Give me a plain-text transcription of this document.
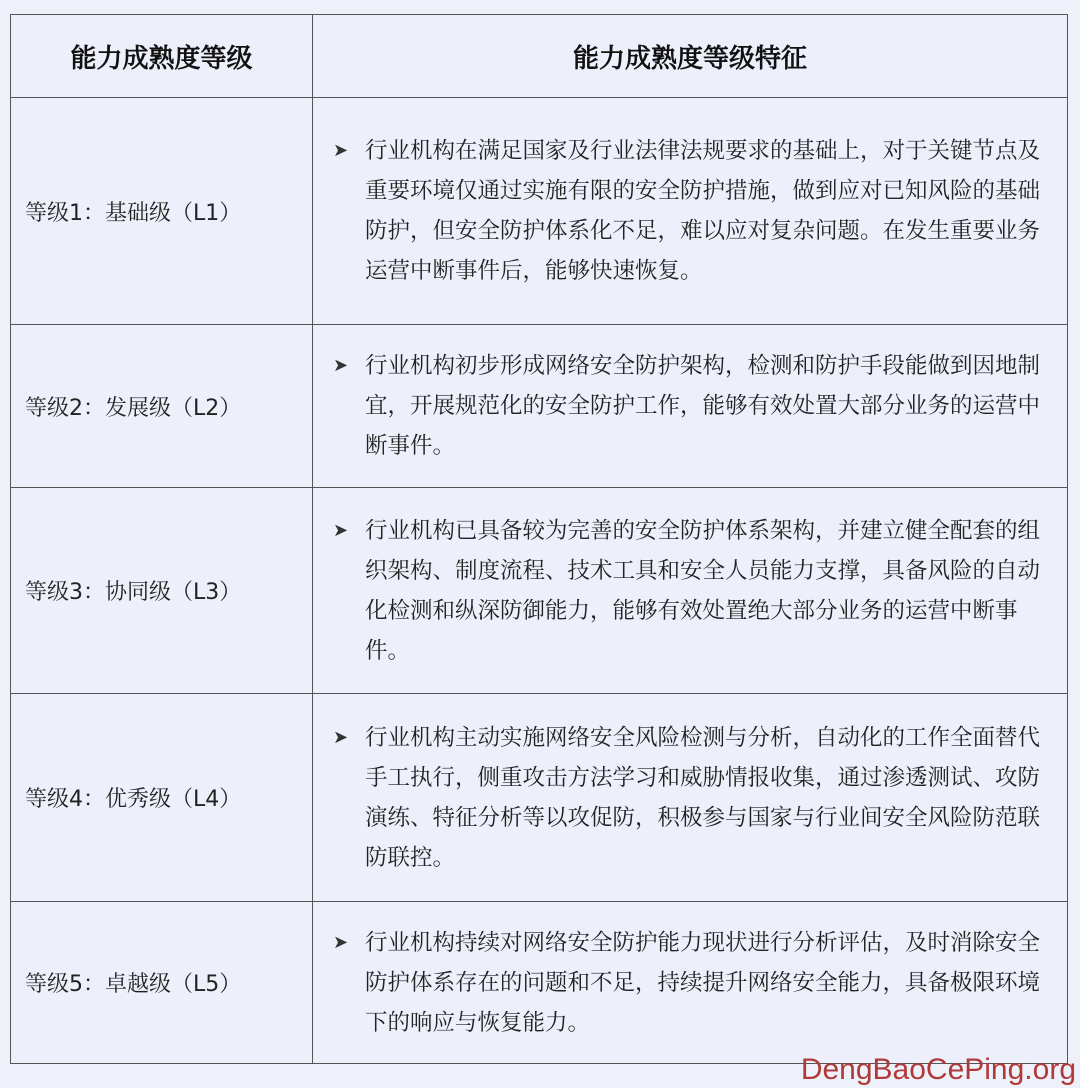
能力成熟度等级	能力成熟度等级特征
等级1：基础级（L1）	➤ 行业机构在满足国家及行业法律法规要求的基础上，对于关键节点及重要环境仅通过实施有限的安全防护措施，做到应对已知风险的基础防护，但安全防护体系化不足，难以应对复杂问题。在发生重要业务运营中断事件后，能够快速恢复。

等级2：发展级（L2）	➤ 行业机构初步形成网络安全防护架构，检测和防护手段能做到因地制宜，开展规范化的安全防护工作，能够有效处置大部分业务的运营中断事件。

等级3：协同级（L3）	➤ 行业机构已具备较为完善的安全防护体系架构，并建立健全配套的组织架构、制度流程、技术工具和安全人员能力支撑，具备风险的自动化检测和纵深防御能力，能够有效处置绝大部分业务的运营中断事件。

等级4：优秀级（L4）	➤ 行业机构主动实施网络安全风险检测与分析，自动化的工作全面替代手工执行，侧重攻击方法学习和威胁情报收集，通过渗透测试、攻防演练、特征分析等以攻促防，积极参与国家与行业间安全风险防范联防联控。

等级5：卓越级（L5）	➤ 行业机构持续对网络安全防护能力现状进行分析评估，及时消除安全防护体系存在的问题和不足，持续提升网络安全能力，具备极限环境下的响应与恢复能力。
DengBaoCePing.org
